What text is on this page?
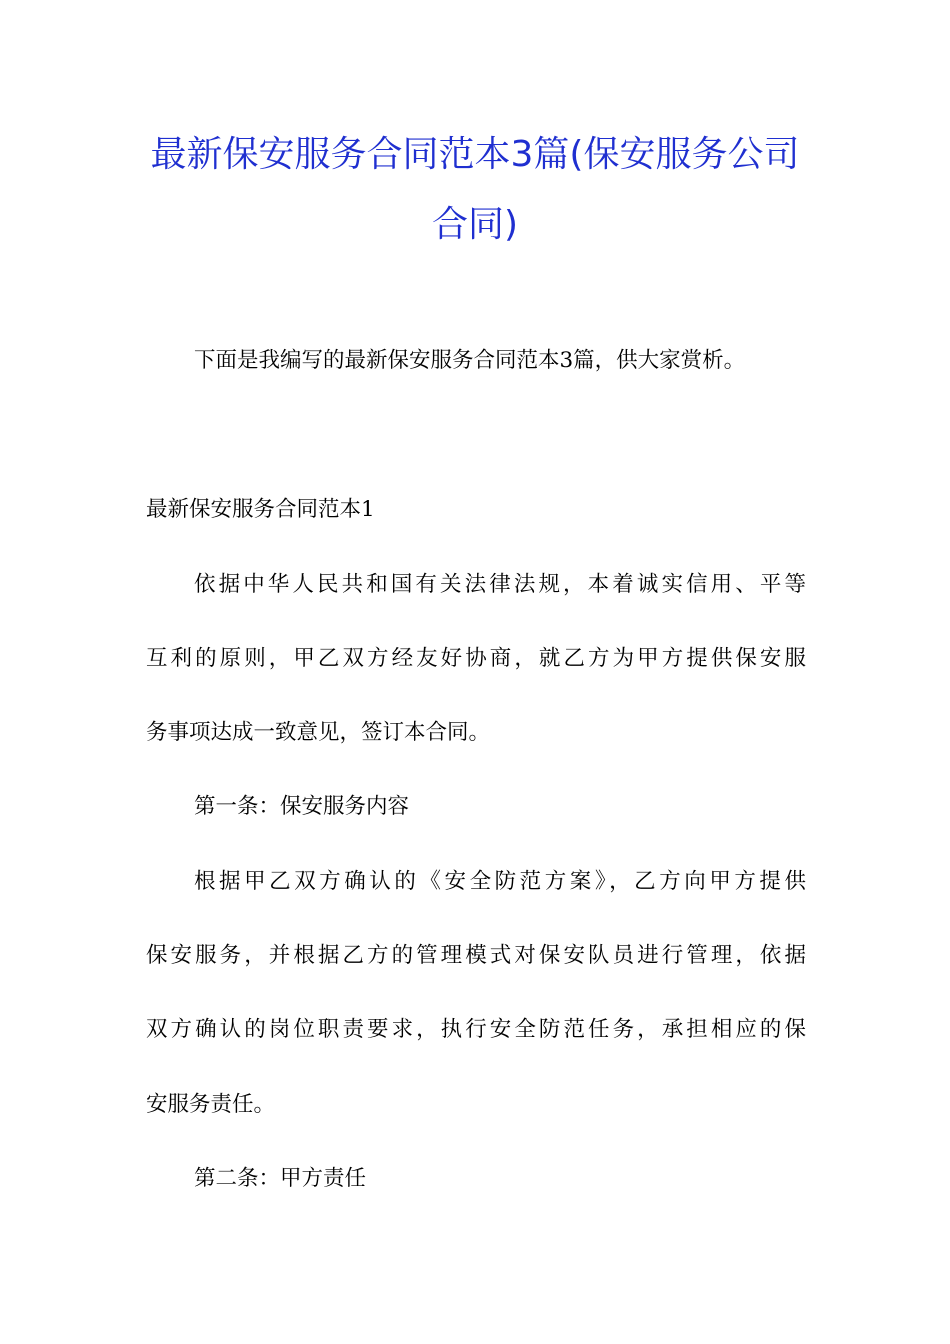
最新保安服务合同范本3篇(保安服务公司
合同)
下面是我编写的最新保安服务合同范本3篇，供大家赏析。
最新保安服务合同范本1
依据中华人民共和国有关法律法规，本着诚实信用、平等
互利的原则，甲乙双方经友好协商，就乙方为甲方提供保安服
务事项达成一致意见，签订本合同。
第一条：保安服务内容
根据甲乙双方确认的《安全防范方案》，乙方向甲方提供
保安服务，并根据乙方的管理模式对保安队员进行管理，依据
双方确认的岗位职责要求，执行安全防范任务，承担相应的保
安服务责任。
第二条：甲方责任
